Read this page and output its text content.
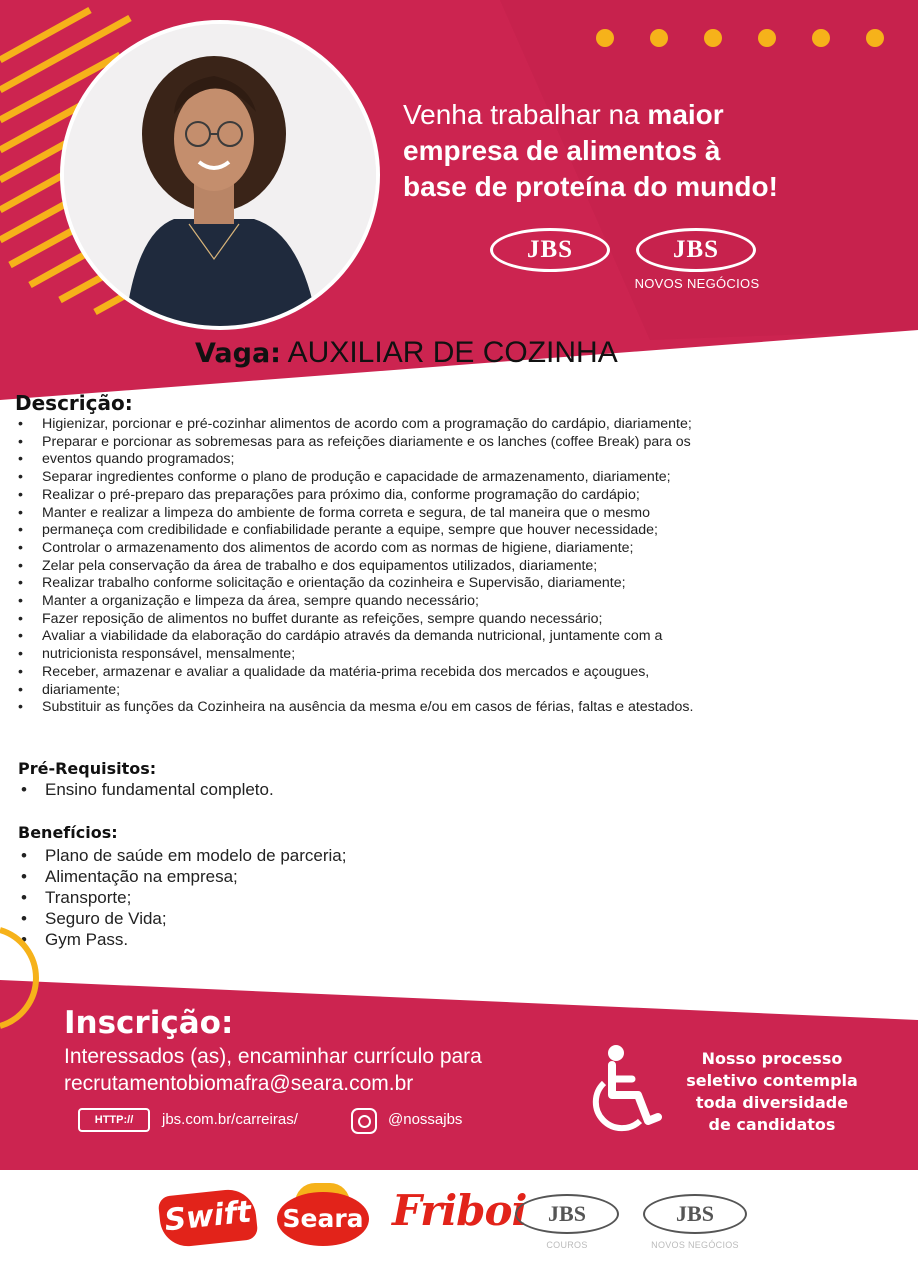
Venha trabalhar na maior
empresa de alimentos à
base de proteína do mundo!
JBS	JBS
NOVOS NEGÓCIOS
Vaga: AUXILIAR DE COZINHA
Descrição:
• Higienizar, porcionar e pré-cozinhar alimentos de acordo com a programação do cardápio, diariamente;
• Preparar e porcionar as sobremesas para as refeições diariamente e os lanches (coffee Break) para os
• eventos quando programados;
• Separar ingredientes conforme o plano de produção e capacidade de armazenamento, diariamente;
• Realizar o pré-preparo das preparações para próximo dia, conforme programação do cardápio;
• Manter e realizar a limpeza do ambiente de forma correta e segura, de tal maneira que o mesmo
• permaneça com credibilidade e confiabilidade perante a equipe, sempre que houver necessidade;
• Controlar o armazenamento dos alimentos de acordo com as normas de higiene, diariamente;
• Zelar pela conservação da área de trabalho e dos equipamentos utilizados, diariamente;
• Realizar trabalho conforme solicitação e orientação da cozinheira e Supervisão, diariamente;
• Manter a organização e limpeza da área, sempre quando necessário;
• Fazer reposição de alimentos no buffet durante as refeições, sempre quando necessário;
• Avaliar a viabilidade da elaboração do cardápio através da demanda nutricional, juntamente com a
• nutricionista responsável, mensalmente;
• Receber, armazenar e avaliar a qualidade da matéria-prima recebida dos mercados e açougues,
• diariamente;
• Substituir as funções da Cozinheira na ausência da mesma e/ou em casos de férias, faltas e atestados.
Pré-Requisitos:
• Ensino fundamental completo.
Benefícios:
• Plano de saúde em modelo de parceria;
• Alimentação na empresa;
• Transporte;
• Seguro de Vida;
• Gym Pass.
Inscrição:
Interessados (as), encaminhar currículo para
recrutamentobiomafra@seara.com.br
HTTP://	jbs.com.br/carreiras/	@nossajbs
Nosso processo
seletivo contempla
toda diversidade
de candidatos
Swift Seara Friboi JBS
COUROS
JBS
NOVOS NEGÓCIOS
